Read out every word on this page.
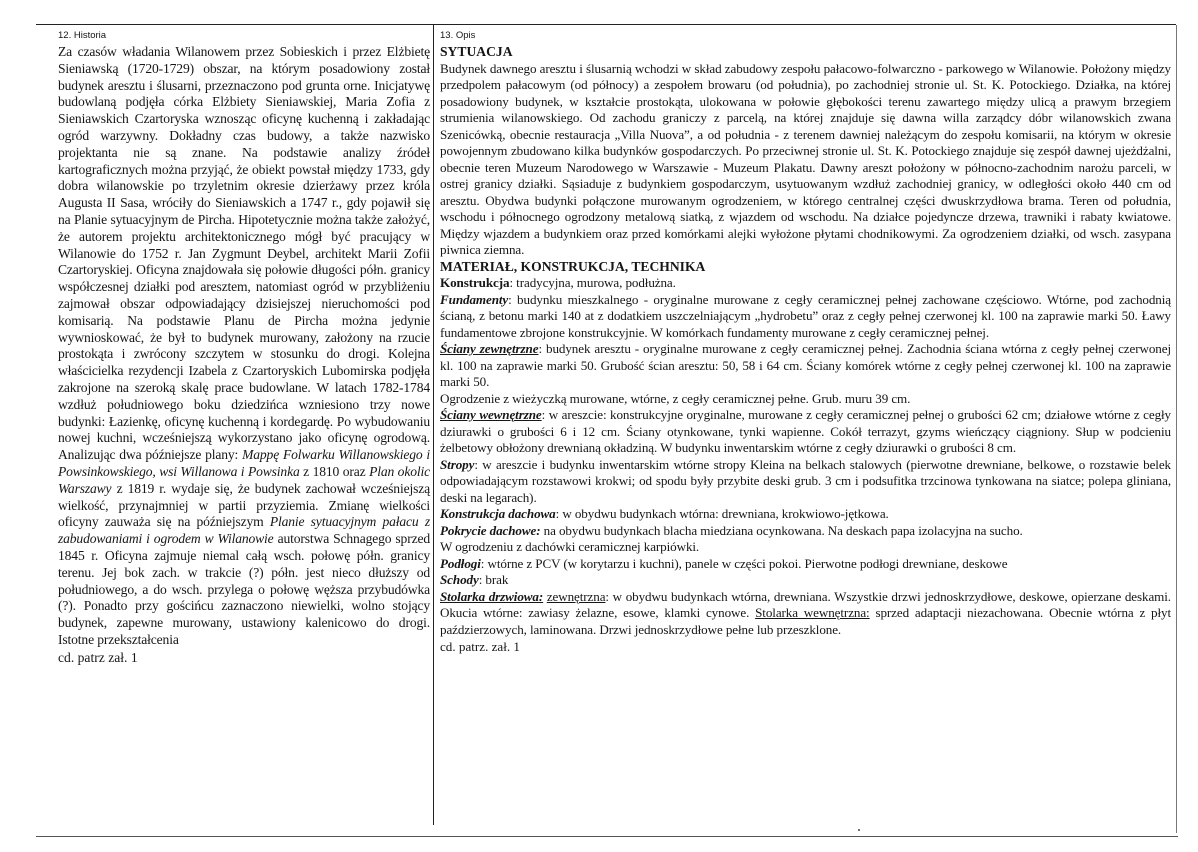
12. Historia

Za czasów władania Wilanowem przez Sobieskich i przez Elżbietę Sieniawską (1720-1729) obszar, na którym posadowiony został budynek aresztu i ślusarni, przeznaczono pod grunta orne. Inicjatywę budowlaną podjęła córka Elżbiety Sieniawskiej, Maria Zofia z Sieniawskich Czartoryska wznosząc oficynę kuchenną i zakładając ogród warzywny. Dokładny czas budowy, a także nazwisko projektanta nie są znane. Na podstawie analizy źródeł kartograficznych można przyjąć, że obiekt powstał między 1733, gdy dobra wilanowskie po trzyletnim okresie dzierżawy przez króla Augusta II Sasa, wróciły do Sieniawskich a 1747 r., gdy pojawił się na Planie sytuacyjnym de Pircha. Hipotetycznie można także założyć, że autorem projektu architektonicznego mógł być pracujący w Wilanowie do 1752 r. Jan Zygmunt Deybel, architekt Marii Zofii Czartoryskiej. Oficyna znajdowała się połowie długości półn. granicy współczesnej działki pod aresztem, natomiast ogród w przybliżeniu zajmował obszar odpowiadający dzisiejszej nieruchomości pod komisarią. Na podstawie Planu de Pircha można jedynie wywnioskować, że był to budynek murowany, założony na rzucie prostokąta i zwrócony szczytem w stosunku do drogi. Kolejna właścicielka rezydencji Izabela z Czartoryskich Lubomirska podjęła zakrojone na szeroką skalę prace budowlane. W latach 1782-1784 wzdłuż południowego boku dziedzińca wzniesiono trzy nowe budynki: Łazienkę, oficynę kuchenną i kordegardę. Po wybudowaniu nowej kuchni, wcześniejszą wykorzystano jako oficynę ogrodową. Analizując dwa późniejsze plany: Mappę Folwarku Willanowskiego i Powsinkowskiego, wsi Willanowa i Powsinka z 1810 oraz Plan okolic Warszawy z 1819 r. wydaje się, że budynek zachował wcześniejszą wielkość, przynajmniej w partii przyziemia. Zmianę wielkości oficyny zauważa się na późniejszym Planie sytuacyjnym pałacu z zabudowaniami i ogrodem w Wilanowie autorstwa Schnagego sprzed 1845 r. Oficyna zajmuje niemal całą wsch. połowę półn. granicy terenu. Jej bok zach. w trakcie (?) półn. jest nieco dłuższy od południowego, a do wsch. przylega o połowę węższa przybudówka (?). Ponadto przy gościńcu zaznaczono niewielki, wolno stojący budynek, zapewne murowany, ustawiony kalenicowo do drogi. Istotne przekształcenia

cd. patrz zał. 1

13. Opis
SYTUACJA

Budynek dawnego aresztu i ślusarnią wchodzi w skład zabudowy zespołu pałacowo-folwarczno - parkowego w Wilanowie. Położony między przedpolem pałacowym (od północy) a zespołem browaru (od południa), po zachodniej stronie ul. St. K. Potockiego. Działka, na której posadowiony budynek, w kształcie prostokąta, ulokowana w połowie głębokości terenu zawartego między ulicą a prawym brzegiem strumienia wilanowskiego. Od zachodu graniczy z parcelą, na której znajduje się dawna willa zarządcy dóbr wilanowskich zwana Szenicówką, obecnie restauracja „Villa Nuova”, a od południa - z terenem dawniej należącym do zespołu komisarii, na którym w okresie powojennym zbudowano kilka budynków gospodarczych. Po przeciwnej stronie ul. St. K. Potockiego znajduje się zespół dawnej ujeżdżalni, obecnie teren Muzeum Narodowego w Warszawie - Muzeum Plakatu. Dawny areszt położony w północno-zachodnim narożu parceli, w ostrej granicy działki. Sąsiaduje z budynkiem gospodarczym, usytuowanym wzdłuż zachodniej granicy, w odległości około 440 cm od aresztu. Obydwa budynki połączone murowanym ogrodzeniem, w którego centralnej części dwuskrzydłowa brama. Teren od południa, wschodu i północnego ogrodzony metalową siatką, z wjazdem od wschodu. Na działce pojedyncze drzewa, trawniki i rabaty kwiatowe. Między wjazdem a budynkiem oraz przed komórkami alejki wyłożone płytami chodnikowymi. Za ogrodzeniem działki, od wsch. zasypana piwnica ziemna.

MATERIAŁ, KONSTRUKCJA, TECHNIKA

Konstrukcja: tradycyjna, murowa, podłużna.

Fundamenty: budynku mieszkalnego - oryginalne murowane z cegły ceramicznej pełnej zachowane częściowo. Wtórne, pod zachodnią ścianą, z betonu marki 140 at z dodatkiem uszczelniającym „hydrobetu” oraz z cegły pełnej czerwonej kl. 100 na zaprawie marki 50. Ławy fundamentowe zbrojone konstrukcyjnie. W komórkach fundamenty murowane z cegły ceramicznej pełnej.

Ściany zewnętrzne: budynek aresztu - oryginalne murowane z cegły ceramicznej pełnej. Zachodnia ściana wtórna z cegły pełnej czerwonej kl. 100 na zaprawie marki 50. Grubość ścian aresztu: 50, 58 i 64 cm. Ściany komórek wtórne z cegły pełnej czerwonej kl. 100 na zaprawie marki 50.

Ogrodzenie z wieżyczką murowane, wtórne, z cegły ceramicznej pełne. Grub. muru 39 cm.

Ściany wewnętrzne: w areszcie: konstrukcyjne oryginalne, murowane z cegły ceramicznej pełnej o grubości 62 cm; działowe wtórne z cegły dziurawki o grubości 6 i 12 cm. Ściany otynkowane, tynki wapienne. Cokół terrazyt, gzyms wieńczący ciągniony. Słup w podcieniu żelbetowy obłożony drewnianą okładziną. W budynku inwentarskim wtórne z cegły dziurawki o grubości 8 cm.

Stropy: w areszcie i budynku inwentarskim wtórne stropy Kleina na belkach stalowych (pierwotne drewniane, belkowe, o rozstawie belek odpowiadającym rozstawowi krokwi; od spodu były przybite deski grub. 3 cm i podsufitka trzcinowa tynkowana na siatce; polepa gliniana, deski na legarach).

Konstrukcja dachowa: w obydwu budynkach wtórna: drewniana, krokwiowo-jętkowa.

Pokrycie dachowe: na obydwu budynkach blacha miedziana ocynkowana. Na deskach papa izolacyjna na sucho.

W ogrodzeniu z dachówki ceramicznej karpiówki.

Podłogi: wtórne z PCV (w korytarzu i kuchni), panele w części pokoi. Pierwotne podłogi drewniane, deskowe

Schody: brak

Stolarka drzwiowa: zewnętrzna: w obydwu budynkach wtórna, drewniana. Wszystkie drzwi jednoskrzydłowe, deskowe, opierzane deskami. Okucia wtórne: zawiasy żelazne, esowe, klamki cynowe. Stolarka wewnętrzna: sprzed adaptacji niezachowana. Obecnie wtórna z płyt paździerzowych, laminowana. Drzwi jednoskrzydłowe pełne lub przeszklone.

cd. patrz. zał. 1
